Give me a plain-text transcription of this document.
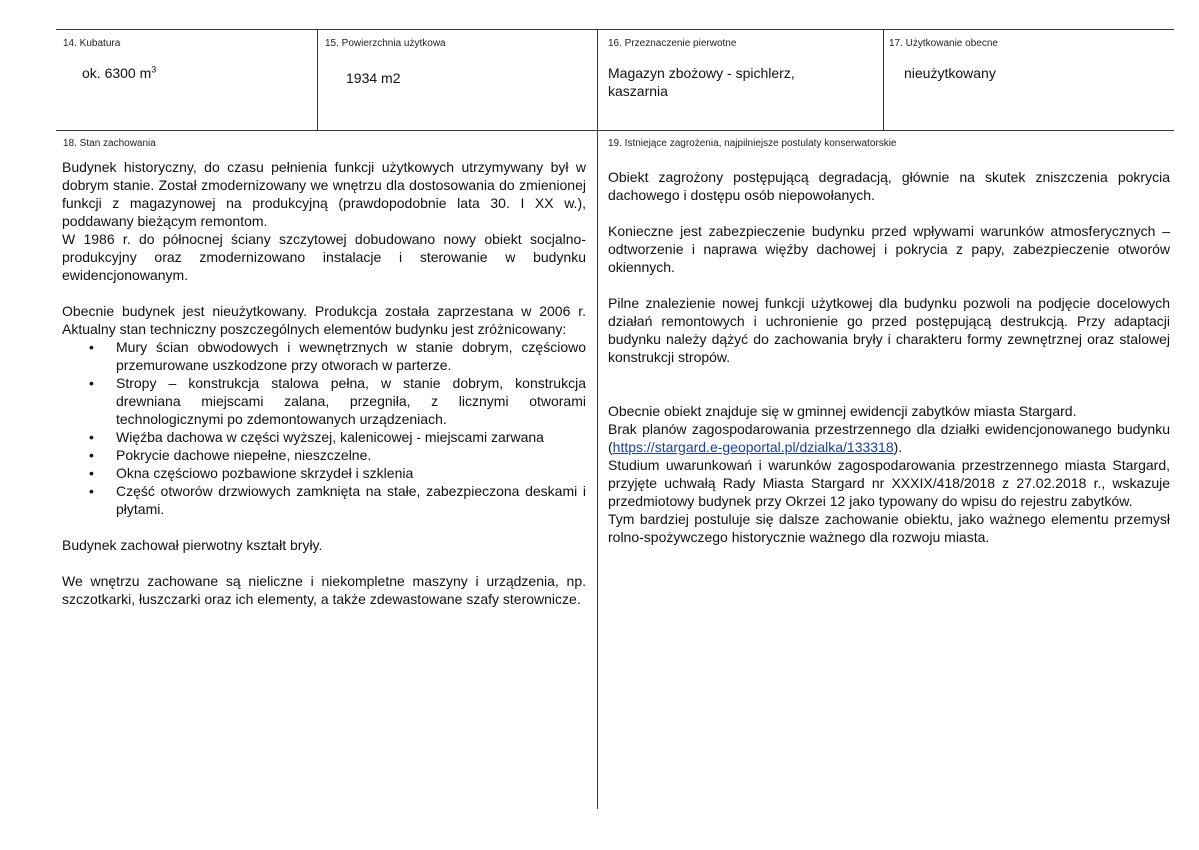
14. Kubatura
ok. 6300 $m^3$
15. Powierzchnia użytkowa
1934 m2
16. Przeznaczenie pierwotne
Magazyn zbożowy - spichlerz,
kaszarnia
17. Użytkowanie obecne
nieużytkowany
18. Stan zachowania	19. Istniejące zagrożenia, najpilniejsze postulaty konserwatorskie

Budynek historyczny, do czasu pełnienia funkcji użytkowych utrzymywany był w dobrym stanie. Został zmodernizowany we wnętrzu dla dostosowania do zmienionej funkcji z magazynowej na produkcyjną (prawdopodobnie lata 30. I XX w.), poddawany bieżącym remontom.

W 1986 r. do północnej ściany szczytowej dobudowano nowy obiekt socjalno-produkcyjny oraz zmodernizowano instalacje i sterowanie w budynku ewidencjonowanym.

Obecnie budynek jest nieużytkowany. Produkcja została zaprzestana w 2006 r. Aktualny stan techniczny poszczególnych elementów budynku jest zróżnicowany:

• Mury ścian obwodowych i wewnętrznych w stanie dobrym, częściowo przemurowane uszkodzone przy otworach w parterze.
• Stropy – konstrukcja stalowa pełna, w stanie dobrym, konstrukcja drewniana miejscami zalana, przegniła, z licznymi otworami technologicznymi po zdemontowanych urządzeniach.
• Więźba dachowa w części wyższej, kalenicowej - miejscami zarwana
• Pokrycie dachowe niepełne, nieszczelne.
• Okna częściowo pozbawione skrzydeł i szklenia
• Część otworów drzwiowych zamknięta na stałe, zabezpieczona deskami i płytami.

Budynek zachował pierwotny kształt bryły.

We wnętrzu zachowane są nieliczne i niekompletne maszyny i urządzenia, np. szczotkarki, łuszczarki oraz ich elementy, a także zdewastowane szafy sterownicze.

Obiekt zagrożony postępującą degradacją, głównie na skutek zniszczenia pokrycia dachowego i dostępu osób niepowołanych.

Konieczne jest zabezpieczenie budynku przed wpływami warunków atmosferycznych – odtworzenie i naprawa więźby dachowej i pokrycia z papy, zabezpieczenie otworów okiennych.

Pilne znalezienie nowej funkcji użytkowej dla budynku pozwoli na podjęcie docelowych działań remontowych i uchronienie go przed postępującą destrukcją. Przy adaptacji budynku należy dążyć do zachowania bryły i charakteru formy zewnętrznej oraz stalowej konstrukcji stropów.

Obecnie obiekt znajduje się w gminnej ewidencji zabytków miasta Stargard.

Brak planów zagospodarowania przestrzennego dla działki ewidencjonowanego budynku (https://stargard.e-geoportal.pl/dzialka/133318).

Studium uwarunkowań i warunków zagospodarowania przestrzennego miasta Stargard, przyjęte uchwałą Rady Miasta Stargard nr XXXIX/418/2018 z 27.02.2018 r., wskazuje przedmiotowy budynek przy Okrzei 12 jako typowany do wpisu do rejestru zabytków.

Tym bardziej postuluje się dalsze zachowanie obiektu, jako ważnego elementu przemysł rolno-spożywczego historycznie ważnego dla rozwoju miasta.
